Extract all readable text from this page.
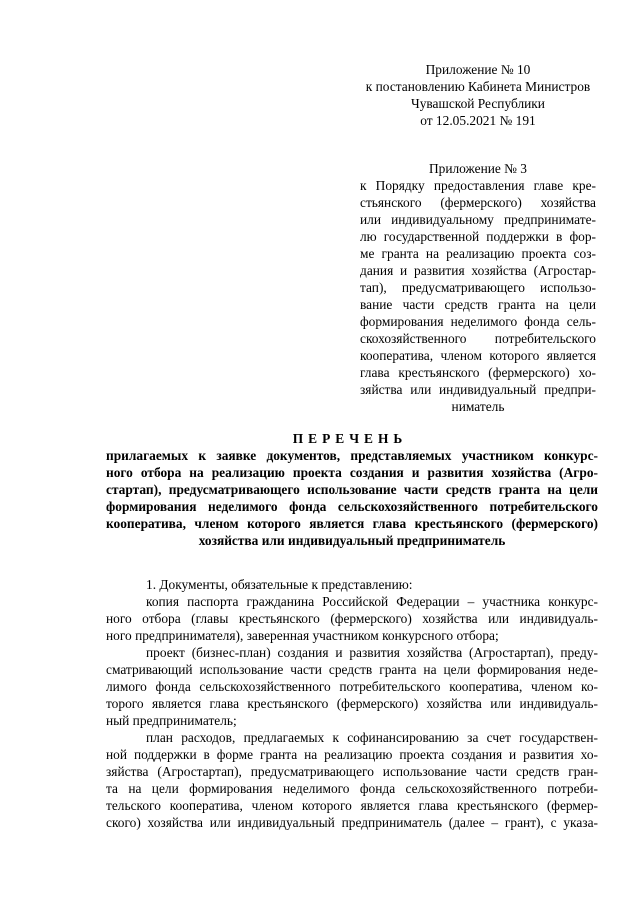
Приложение № 10
к постановлению Кабинета Министров
Чувашской Республики
от 12.05.2021 № 191
Приложение № 3
к Порядку предоставления главе кре-
стьянского (фермерского) хозяйства
или индивидуальному предпринимате-
лю государственной поддержки в фор-
ме гранта на реализацию проекта соз-
дания и развития хозяйства (Агростар-
тап), предусматривающего использо-
вание части средств гранта на цели
формирования неделимого фонда сель-
скохозяйственного потребительского
кооператива, членом которого является
глава крестьянского (фермерского) хо-
зяйства или индивидуальный предпри-
ниматель
ПЕРЕЧЕНЬ
прилагаемых к заявке документов, представляемых участником конкурс-
ного отбора на реализацию проекта создания и развития хозяйства (Агро-
стартап), предусматривающего использование части средств гранта на цели
формирования неделимого фонда сельскохозяйственного потребительского
кооператива, членом которого является глава крестьянского (фермерского)
хозяйства или индивидуальный предприниматель
1. Документы, обязательные к представлению:
копия паспорта гражданина Российской Федерации – участника конкурс-
ного отбора (главы крестьянского (фермерского) хозяйства или индивидуаль-
ного предпринимателя), заверенная участником конкурсного отбора;
проект (бизнес-план) создания и развития хозяйства (Агростартап), преду-
сматривающий использование части средств гранта на цели формирования неде-
лимого фонда сельскохозяйственного потребительского кооператива, членом ко-
торого является глава крестьянского (фермерского) хозяйства или индивидуаль-
ный предприниматель;
план расходов, предлагаемых к софинансированию за счет государствен-
ной поддержки в форме гранта на реализацию проекта создания и развития хо-
зяйства (Агростартап), предусматривающего использование части средств гран-
та на цели формирования неделимого фонда сельскохозяйственного потреби-
тельского кооператива, членом которого является глава крестьянского (фермер-
ского) хозяйства или индивидуальный предприниматель (далее – грант), с указа-
